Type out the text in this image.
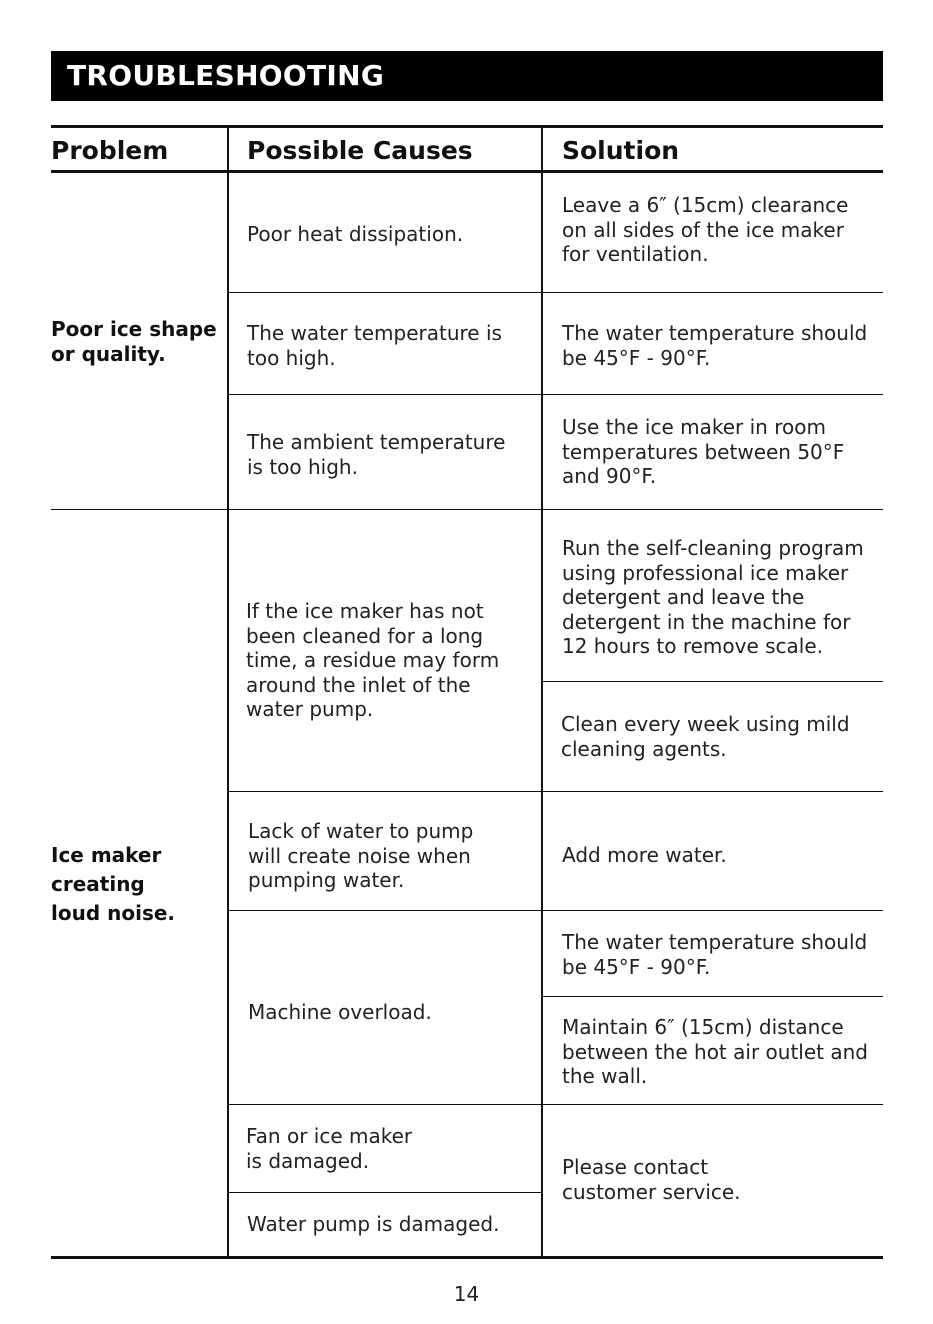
TROUBLESHOOTING
Problem	Possible Causes	Solution
Poor ice shape
or quality.
Ice maker
creating
loud noise.
Poor heat dissipation.
The water temperature is
too high.
The ambient temperature
is too high.
If the ice maker has not
been cleaned for a long
time, a residue may form
around the inlet of the
water pump.
Lack of water to pump
will create noise when
pumping water.
Machine overload.
Fan or ice maker
is damaged.
Water pump is damaged.
Leave a 6″ (15cm) clearance
on all sides of the ice maker
for ventilation.
The water temperature should
be 45°F - 90°F.
Use the ice maker in room
temperatures between 50°F
and 90°F.
Run the self-cleaning program
using professional ice maker
detergent and leave the
detergent in the machine for
12 hours to remove scale.
Clean every week using mild
cleaning agents.
Add more water.
The water temperature should
be 45°F - 90°F.
Maintain 6″ (15cm) distance
between the hot air outlet and
the wall.
Please contact
customer service.
14
